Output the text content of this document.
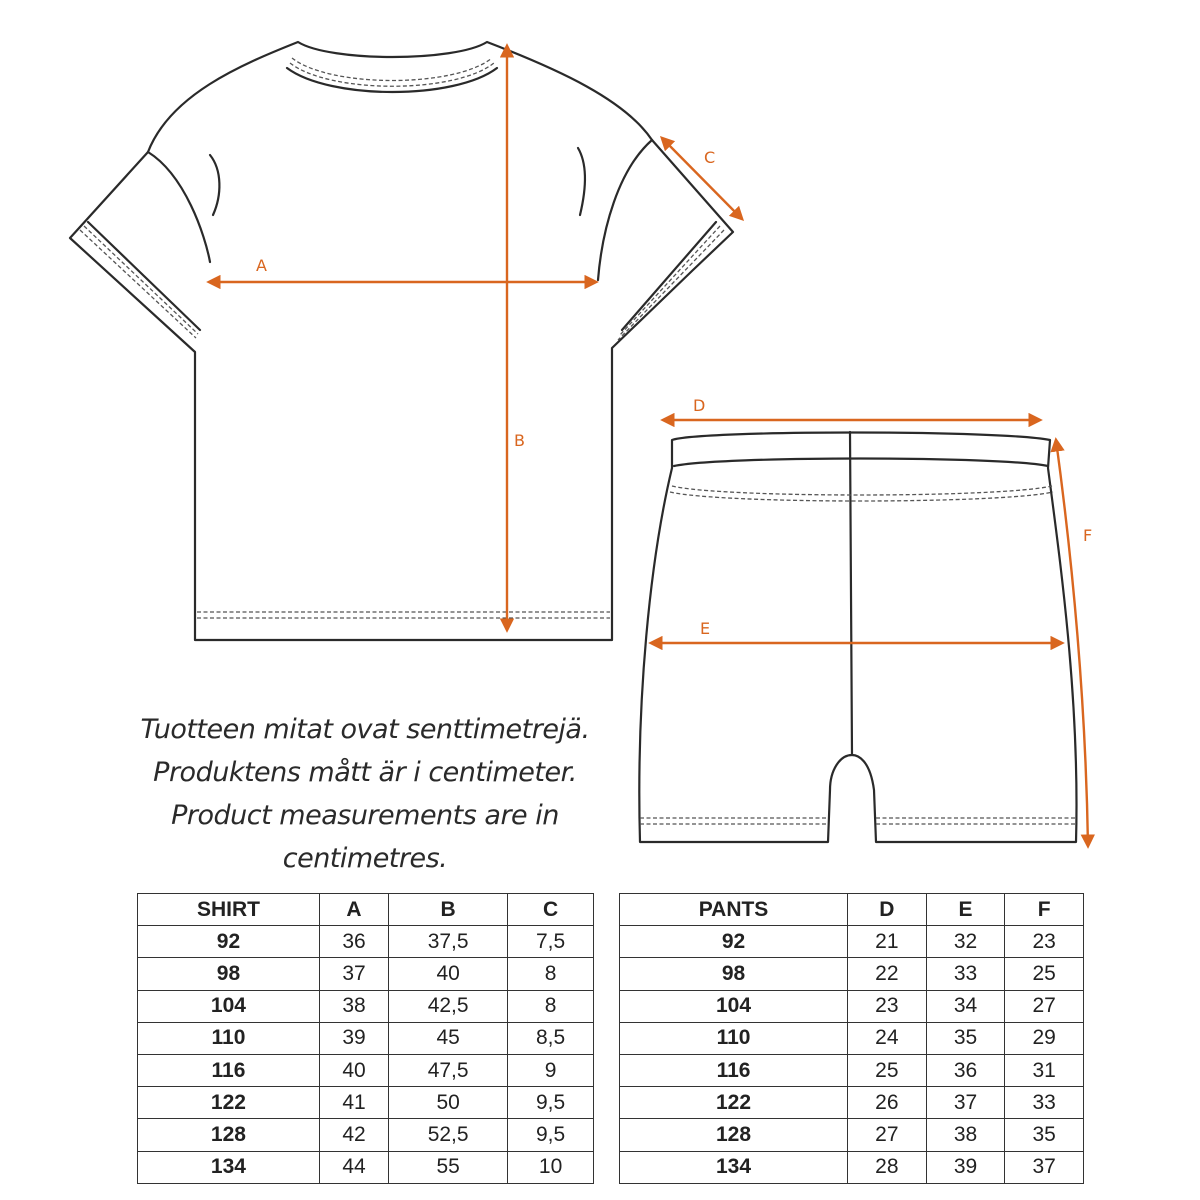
A
B
C
D
E
F
Tuotteen mitat ovat senttimetrejä.
Produktens mått är i centimeter.
Product measurements are in centimetres.
SHIRT	A	B	C
92	36	37,5	7,5
98	37	40	8
104	38	42,5	8
110	39	45	8,5
116	40	47,5	9
122	41	50	9,5
128	42	52,5	9,5
134	44	55	10
PANTS	D	E	F
92	21	32	23
98	22	33	25
104	23	34	27
110	24	35	29
116	25	36	31
122	26	37	33
128	27	38	35
134	28	39	37
